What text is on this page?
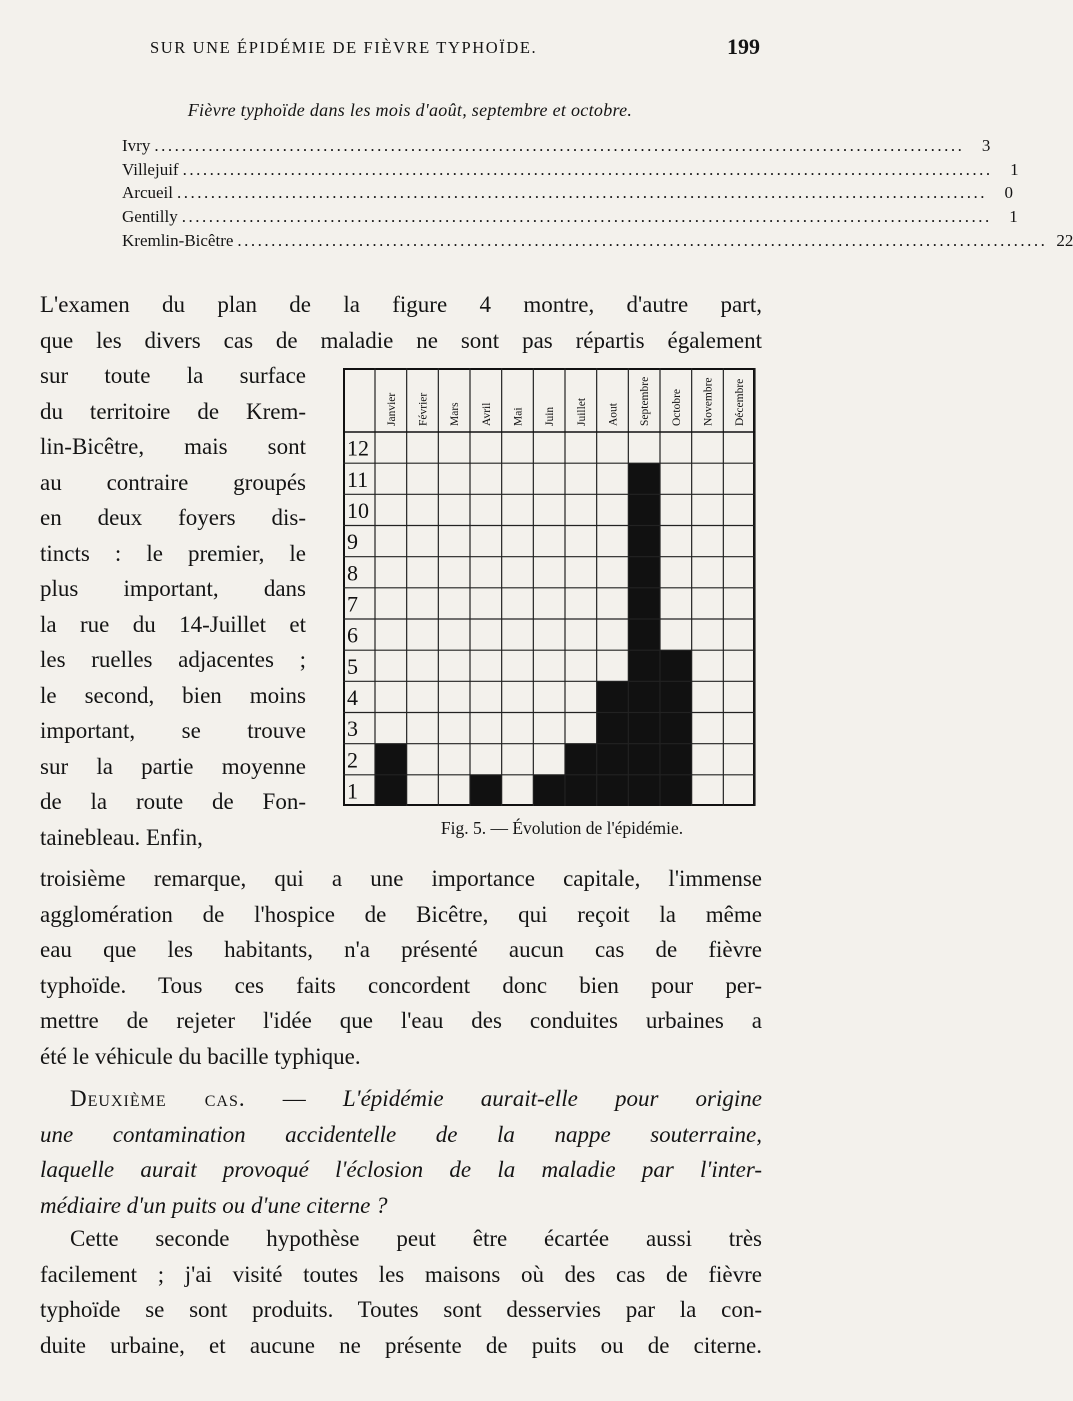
SUR UNE ÉPIDÉMIE DE FIÈVRE TYPHOÏDE.	199
Fièvre typhoïde dans les mois d'août, septembre et octobre.
Ivry ........................................................................................................................	3
Villejuif ........................................................................................................................	1
Arcueil ........................................................................................................................	0
Gentilly ........................................................................................................................	1
Kremlin-Bicêtre ........................................................................................................................ 22
L'examen du plan de la figure 4 montre, d'autre part,
que les divers cas de maladie ne sont pas répartis également
sur toute la surface
du territoire de Krem-
lin-Bicêtre, mais sont
au contraire groupés
en deux foyers dis-
tincts : le premier, le
plus important, dans
la rue du 14-Juillet et
les ruelles adjacentes ;
le second, bien moins
important, se trouve
sur la partie moyenne
de la route de Fon-
tainebleau. Enfin,
Janvier Février Mars Avril Mai Juin Juillet Aout Septembre Octobre Novembre Décembre
1
2
3
4
5
6
7
8
9
10
11
12
Fig. 5. — Évolution de l'épidémie.
troisième remarque, qui a une importance capitale, l'immense
agglomération de l'hospice de Bicêtre, qui reçoit la même
eau que les habitants, n'a présenté aucun cas de fièvre
typhoïde. Tous ces faits concordent donc bien pour per-
mettre de rejeter l'idée que l'eau des conduites urbaines a
été le véhicule du bacille typhique.
Deuxième cas. — L'épidémie aurait-elle pour origine
une contamination accidentelle de la nappe souterraine,
laquelle aurait provoqué l'éclosion de la maladie par l'inter-
médiaire d'un puits ou d'une citerne ?
Cette seconde hypothèse peut être écartée aussi très
facilement ; j'ai visité toutes les maisons où des cas de fièvre
typhoïde se sont produits. Toutes sont desservies par la con-
duite urbaine, et aucune ne présente de puits ou de citerne.
